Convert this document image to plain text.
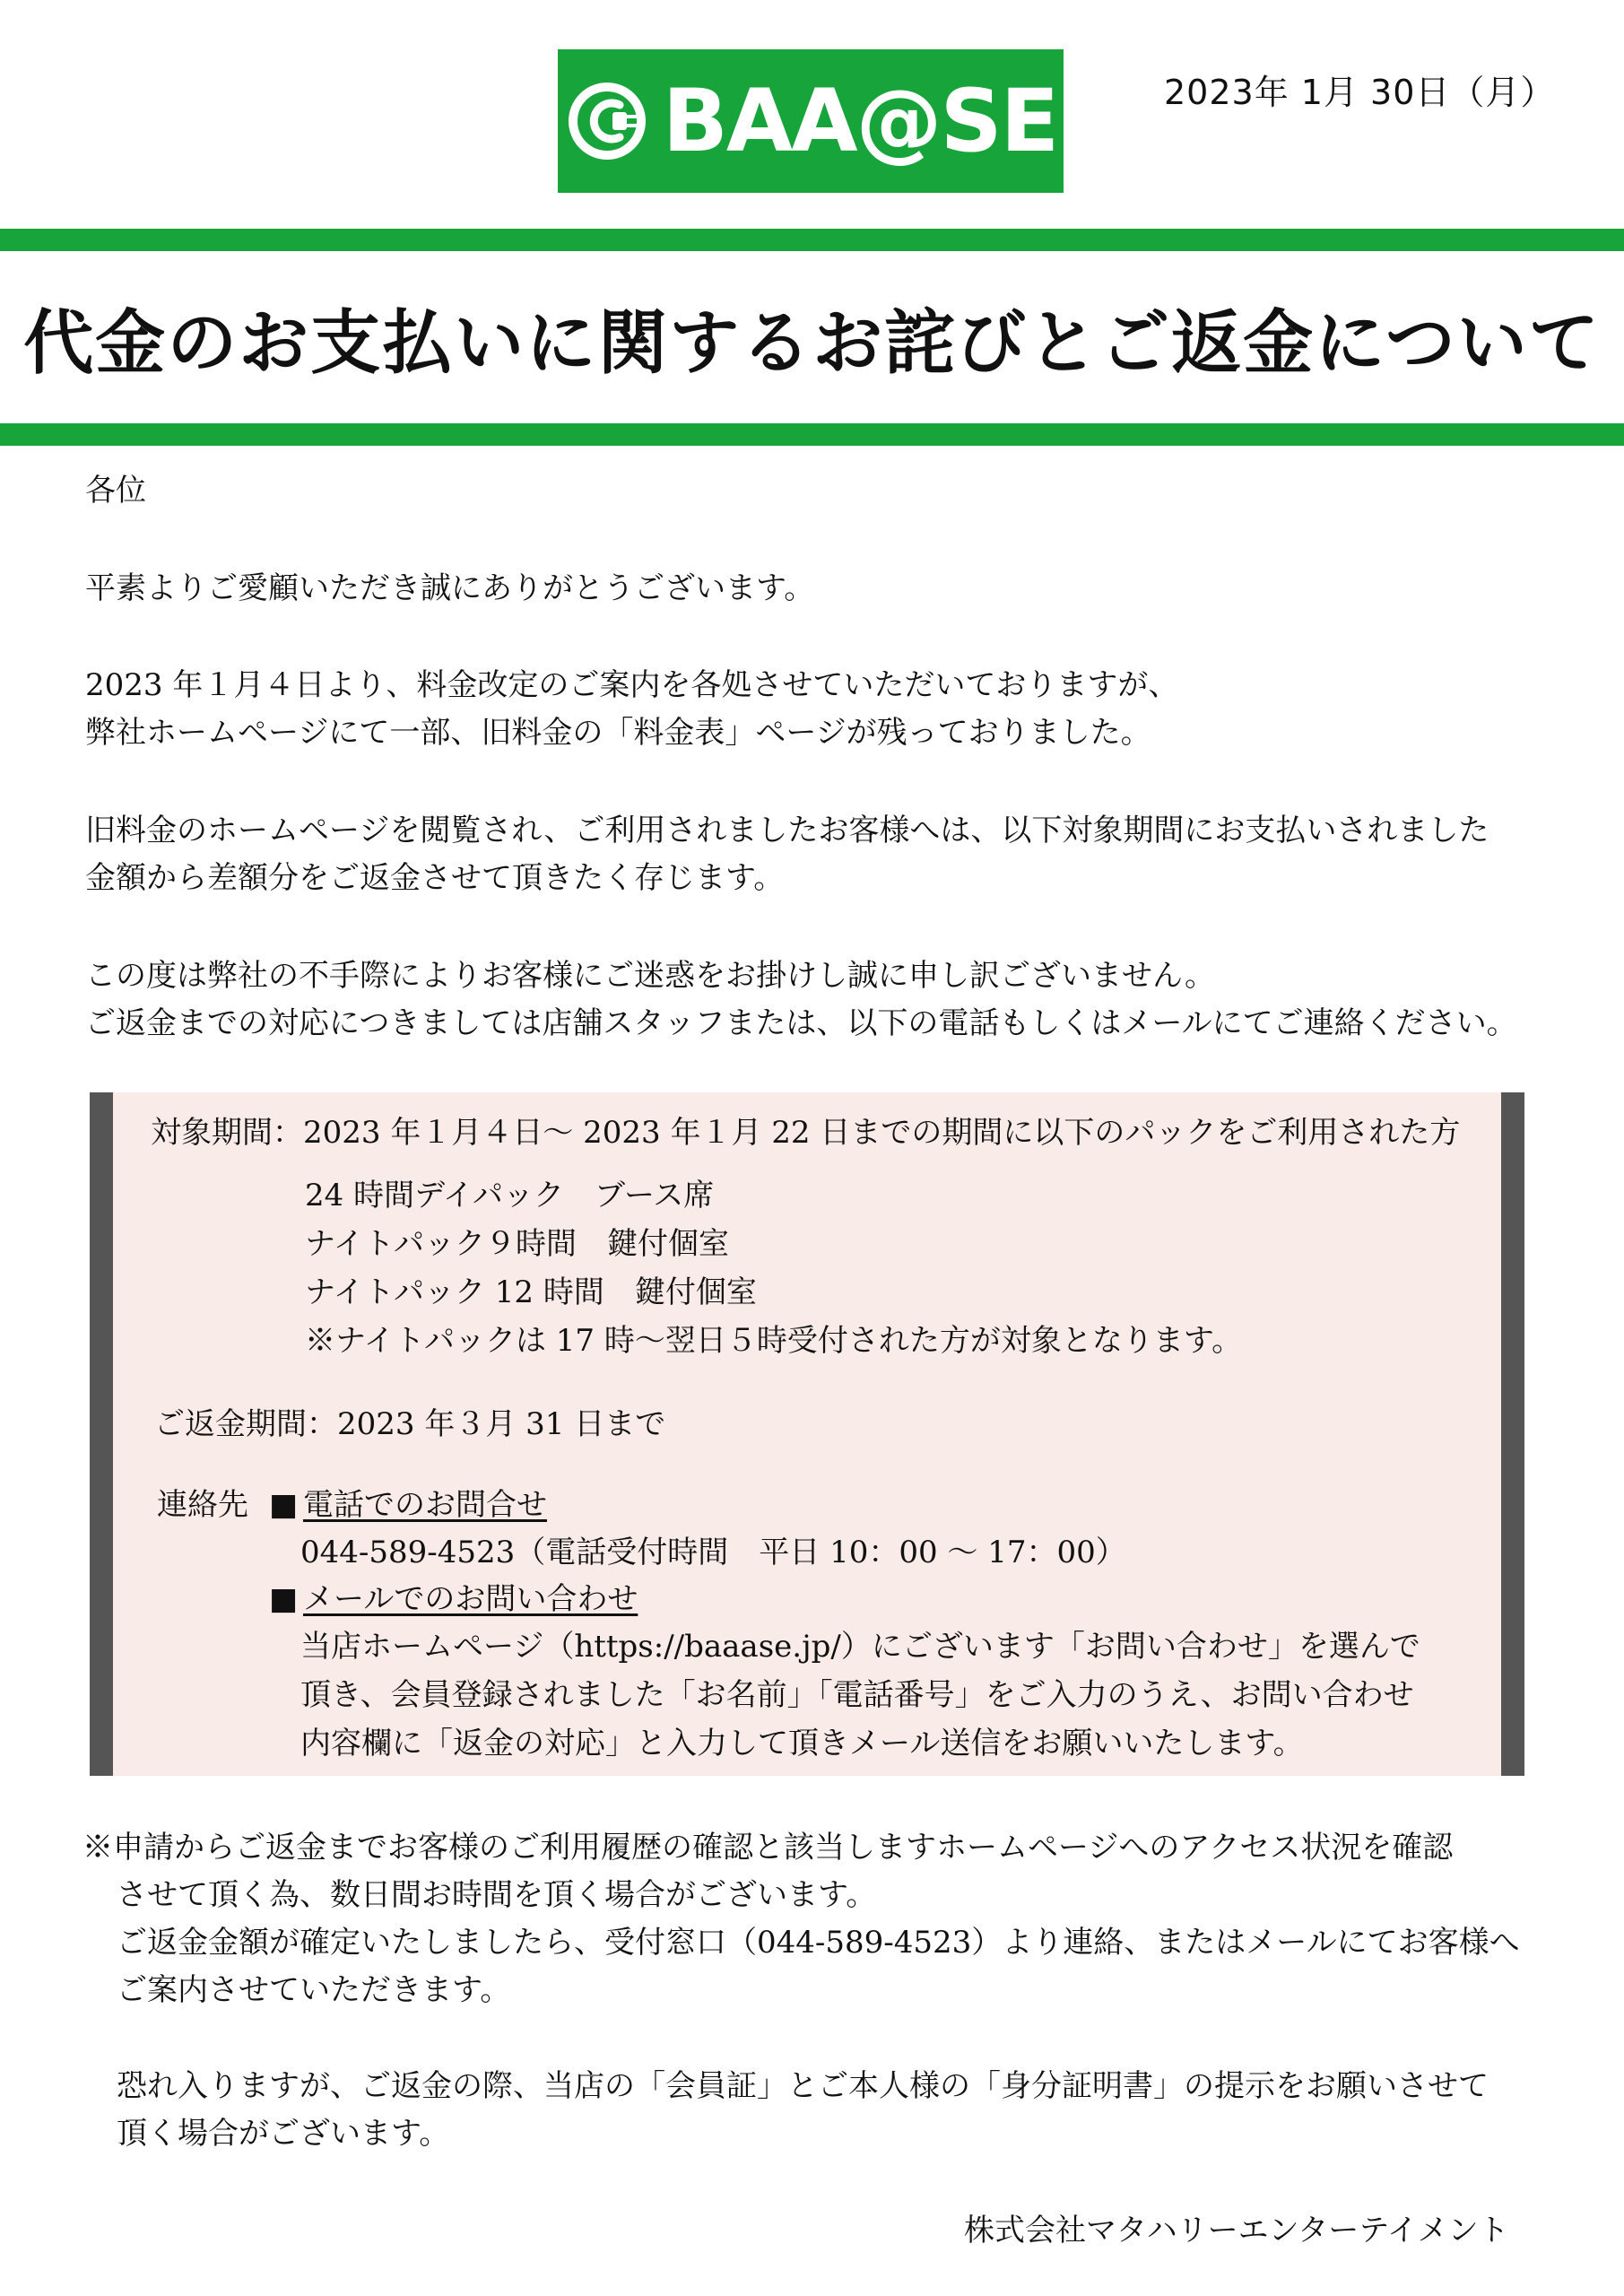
BAA@SE	2023年 1月 30日（月）
代金のお支払いに関するお詫びとご返金について
各位
平素よりご愛顧いただき誠にありがとうございます。
2023 年１月４日より、料金改定のご案内を各処させていただいておりますが、
弊社ホームページにて一部、旧料金の「料金表」ページが残っておりました。
旧料金のホームページを閲覧され、ご利用されましたお客様へは、以下対象期間にお支払いされました
金額から差額分をご返金させて頂きたく存じます。
この度は弊社の不手際によりお客様にご迷惑をお掛けし誠に申し訳ございません。
ご返金までの対応につきましては店舗スタッフまたは、以下の電話もしくはメールにてご連絡ください。
対象期間：2023 年１月４日～ 2023 年１月 22 日までの期間に以下のパックをご利用された方
24 時間デイパック　ブース席
ナイトパック９時間　鍵付個室
ナイトパック 12 時間　鍵付個室
※ナイトパックは 17 時～翌日５時受付された方が対象となります。
ご返金期間：2023 年３月 31 日まで
連絡先 ■ 電話でのお問合せ
044-589-4523（電話受付時間　平日 10：00 ～ 17：00）
■ メールでのお問い合わせ
当店ホームページ（https://baaase.jp/）にございます「お問い合わせ」を選んで
頂き、会員登録されました「お名前」「電話番号」をご入力のうえ、お問い合わせ
内容欄に「返金の対応」と入力して頂きメール送信をお願いいたします。
※申請からご返金までお客様のご利用履歴の確認と該当しますホームページへのアクセス状況を確認
させて頂く為、数日間お時間を頂く場合がございます。
ご返金金額が確定いたしましたら、受付窓口（044-589-4523）より連絡、またはメールにてお客様へ
ご案内させていただきます。
恐れ入りますが、ご返金の際、当店の「会員証」とご本人様の「身分証明書」の提示をお願いさせて
頂く場合がございます。
株式会社マタハリーエンターテイメント
